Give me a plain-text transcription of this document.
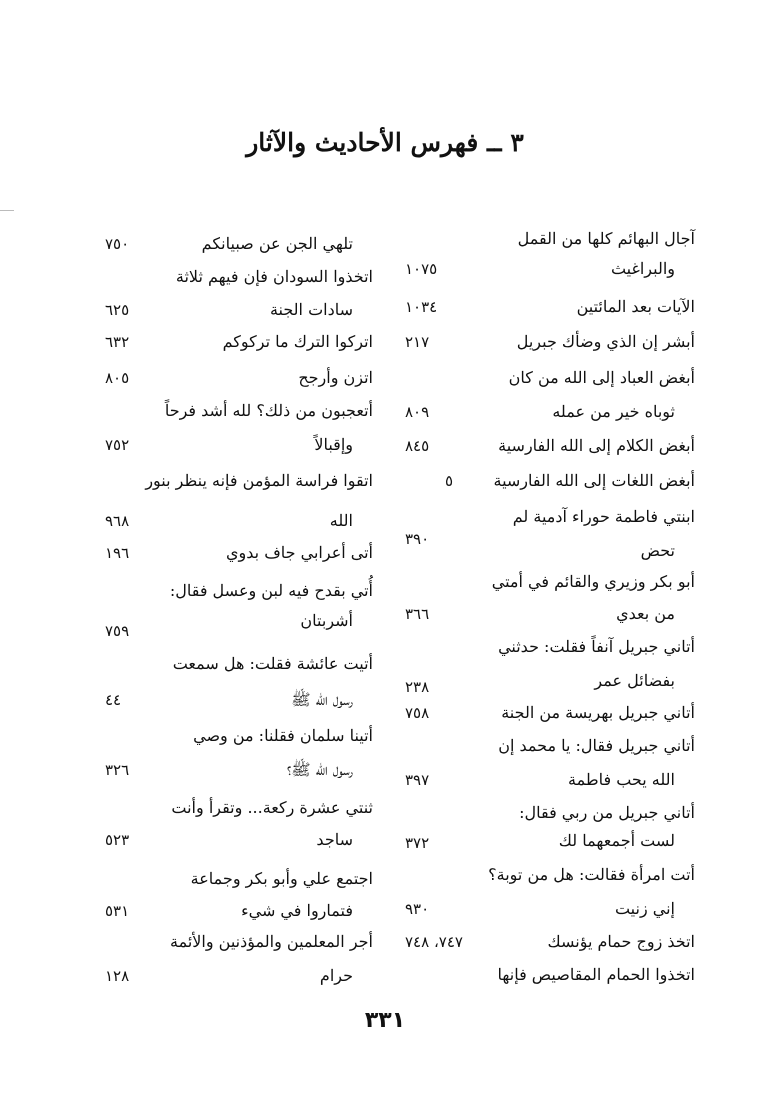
٣ ــ فهرس الأحاديث والآثار
آجال البهائم كلها من القمل
والبراغيث
١٠٧٥
الآيات بعد المائتين
١٠٣٤
أبشر إن الذي وضأك جبريل
٢١٧
أبغض العباد إلى الله من كان
ثوباه خير من عمله
٨٠٩
أبغض الكلام إلى الله الفارسية
٨٤٥
أبغض اللغات إلى الله الفارسية
٥
ابنتي فاطمة حوراء آدمية لم
تحض
٣٩٠
أبو بكر وزيري والقائم في أمتي
من بعدي
٣٦٦
أتاني جبريل آنفاً فقلت: حدثني
بفضائل عمر
٢٣٨
أتاني جبريل بهريسة من الجنة
٧٥٨
أتاني جبريل فقال: يا محمد إن
الله يحب فاطمة
٣٩٧
أتاني جبريل من ربي فقال:
لست أجمعهما لك
٣٧٢
أتت امرأة فقالت: هل من توبة؟
إني زنيت
٩٣٠
اتخذ زوج حمام يؤنسك
٧٤٧، ٧٤٨
اتخذوا الحمام المقاصيص فإنها
تلهي الجن عن صبيانكم
٧٥٠
اتخذوا السودان فإن فيهم ثلاثة
سادات الجنة
٦٢٥
اتركوا الترك ما تركوكم
٦٣٢
اتزن وأرجح
٨٠٥
أتعجبون من ذلك؟ لله أشد فرحاً
وإقبالاً
٧٥٢
اتقوا فراسة المؤمن فإنه ينظر بنور
الله
٩٦٨
أتى أعرابي جاف بدوي
١٩٦
أُتي بقدح فيه لبن وعسل فقال:
أشربتان
٧٥٩
أتيت عائشة فقلت: هل سمعت
رسول الله ﷺ
٤٤
أتينا سلمان فقلنا: من وصي
رسول الله ﷺ؟
٣٢٦
ثنتي عشرة ركعة... وتقرأ وأنت
ساجد
٥٢٣
اجتمع علي وأبو بكر وجماعة
فتماروا في شيء
٥٣١
أجر المعلمين والمؤذنين والأئمة
حرام
١٢٨
٣٣١
